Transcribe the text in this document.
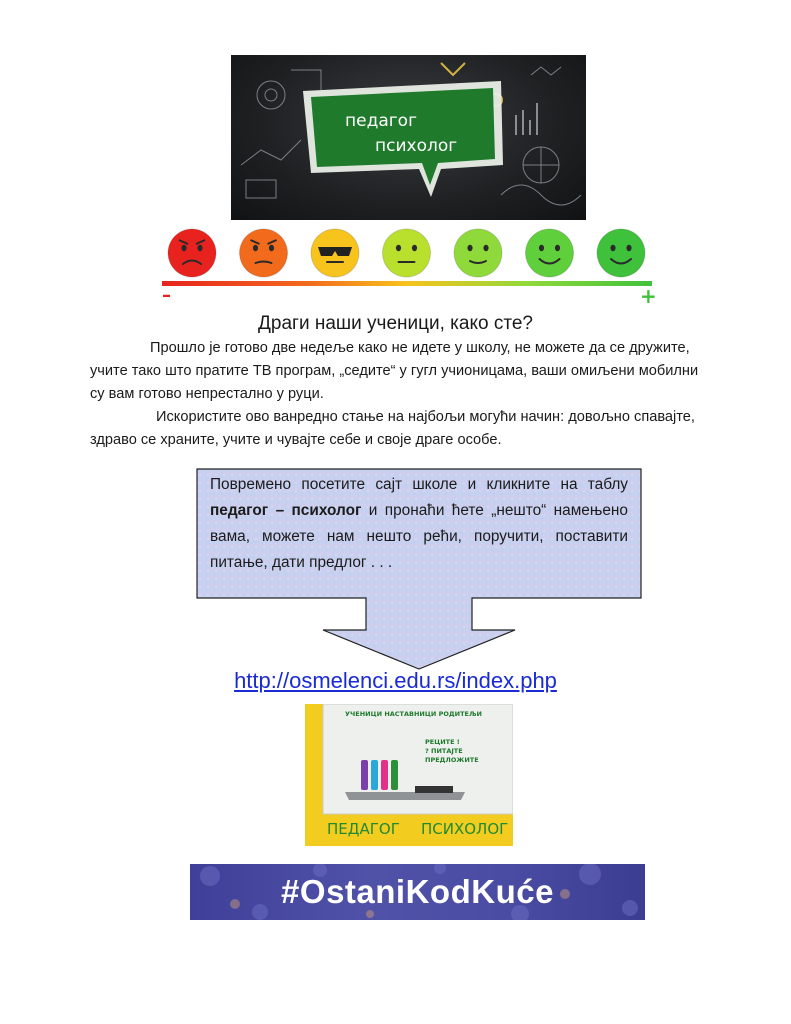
педагог
психолог
–	+
Драги наши ученици, како сте?

Прошло је готово две недеље како не идете у школу, не можете да се дружите, учите тако што пратите ТВ програм, „седите“ у гугл учионицама, ваши омиљени мобилни су вам готово непрестално у руци.

Искористите ово ванредно стање на најбољи могући начин: довољно спавајте, здраво се храните, учите и чувајте себе и своје драге особе.

Повремено посетите сајт школе и кликните на таблу педагог – психолог и пронаћи ћете „нешто“ намењено вама, можете нам нешто рећи, поручити, поставити питање, дати предлог . . .
http://osmelenci.edu.rs/index.php
УЧЕНИЦИ НАСТАВНИЦИ РОДИТЕЉИ
РЕЦИТЕ !
? ПИТАЈТЕ
ПРЕДЛОЖИТЕ
ПЕДАГОГ ПСИХОЛОГ
#OstaniKodKuće
